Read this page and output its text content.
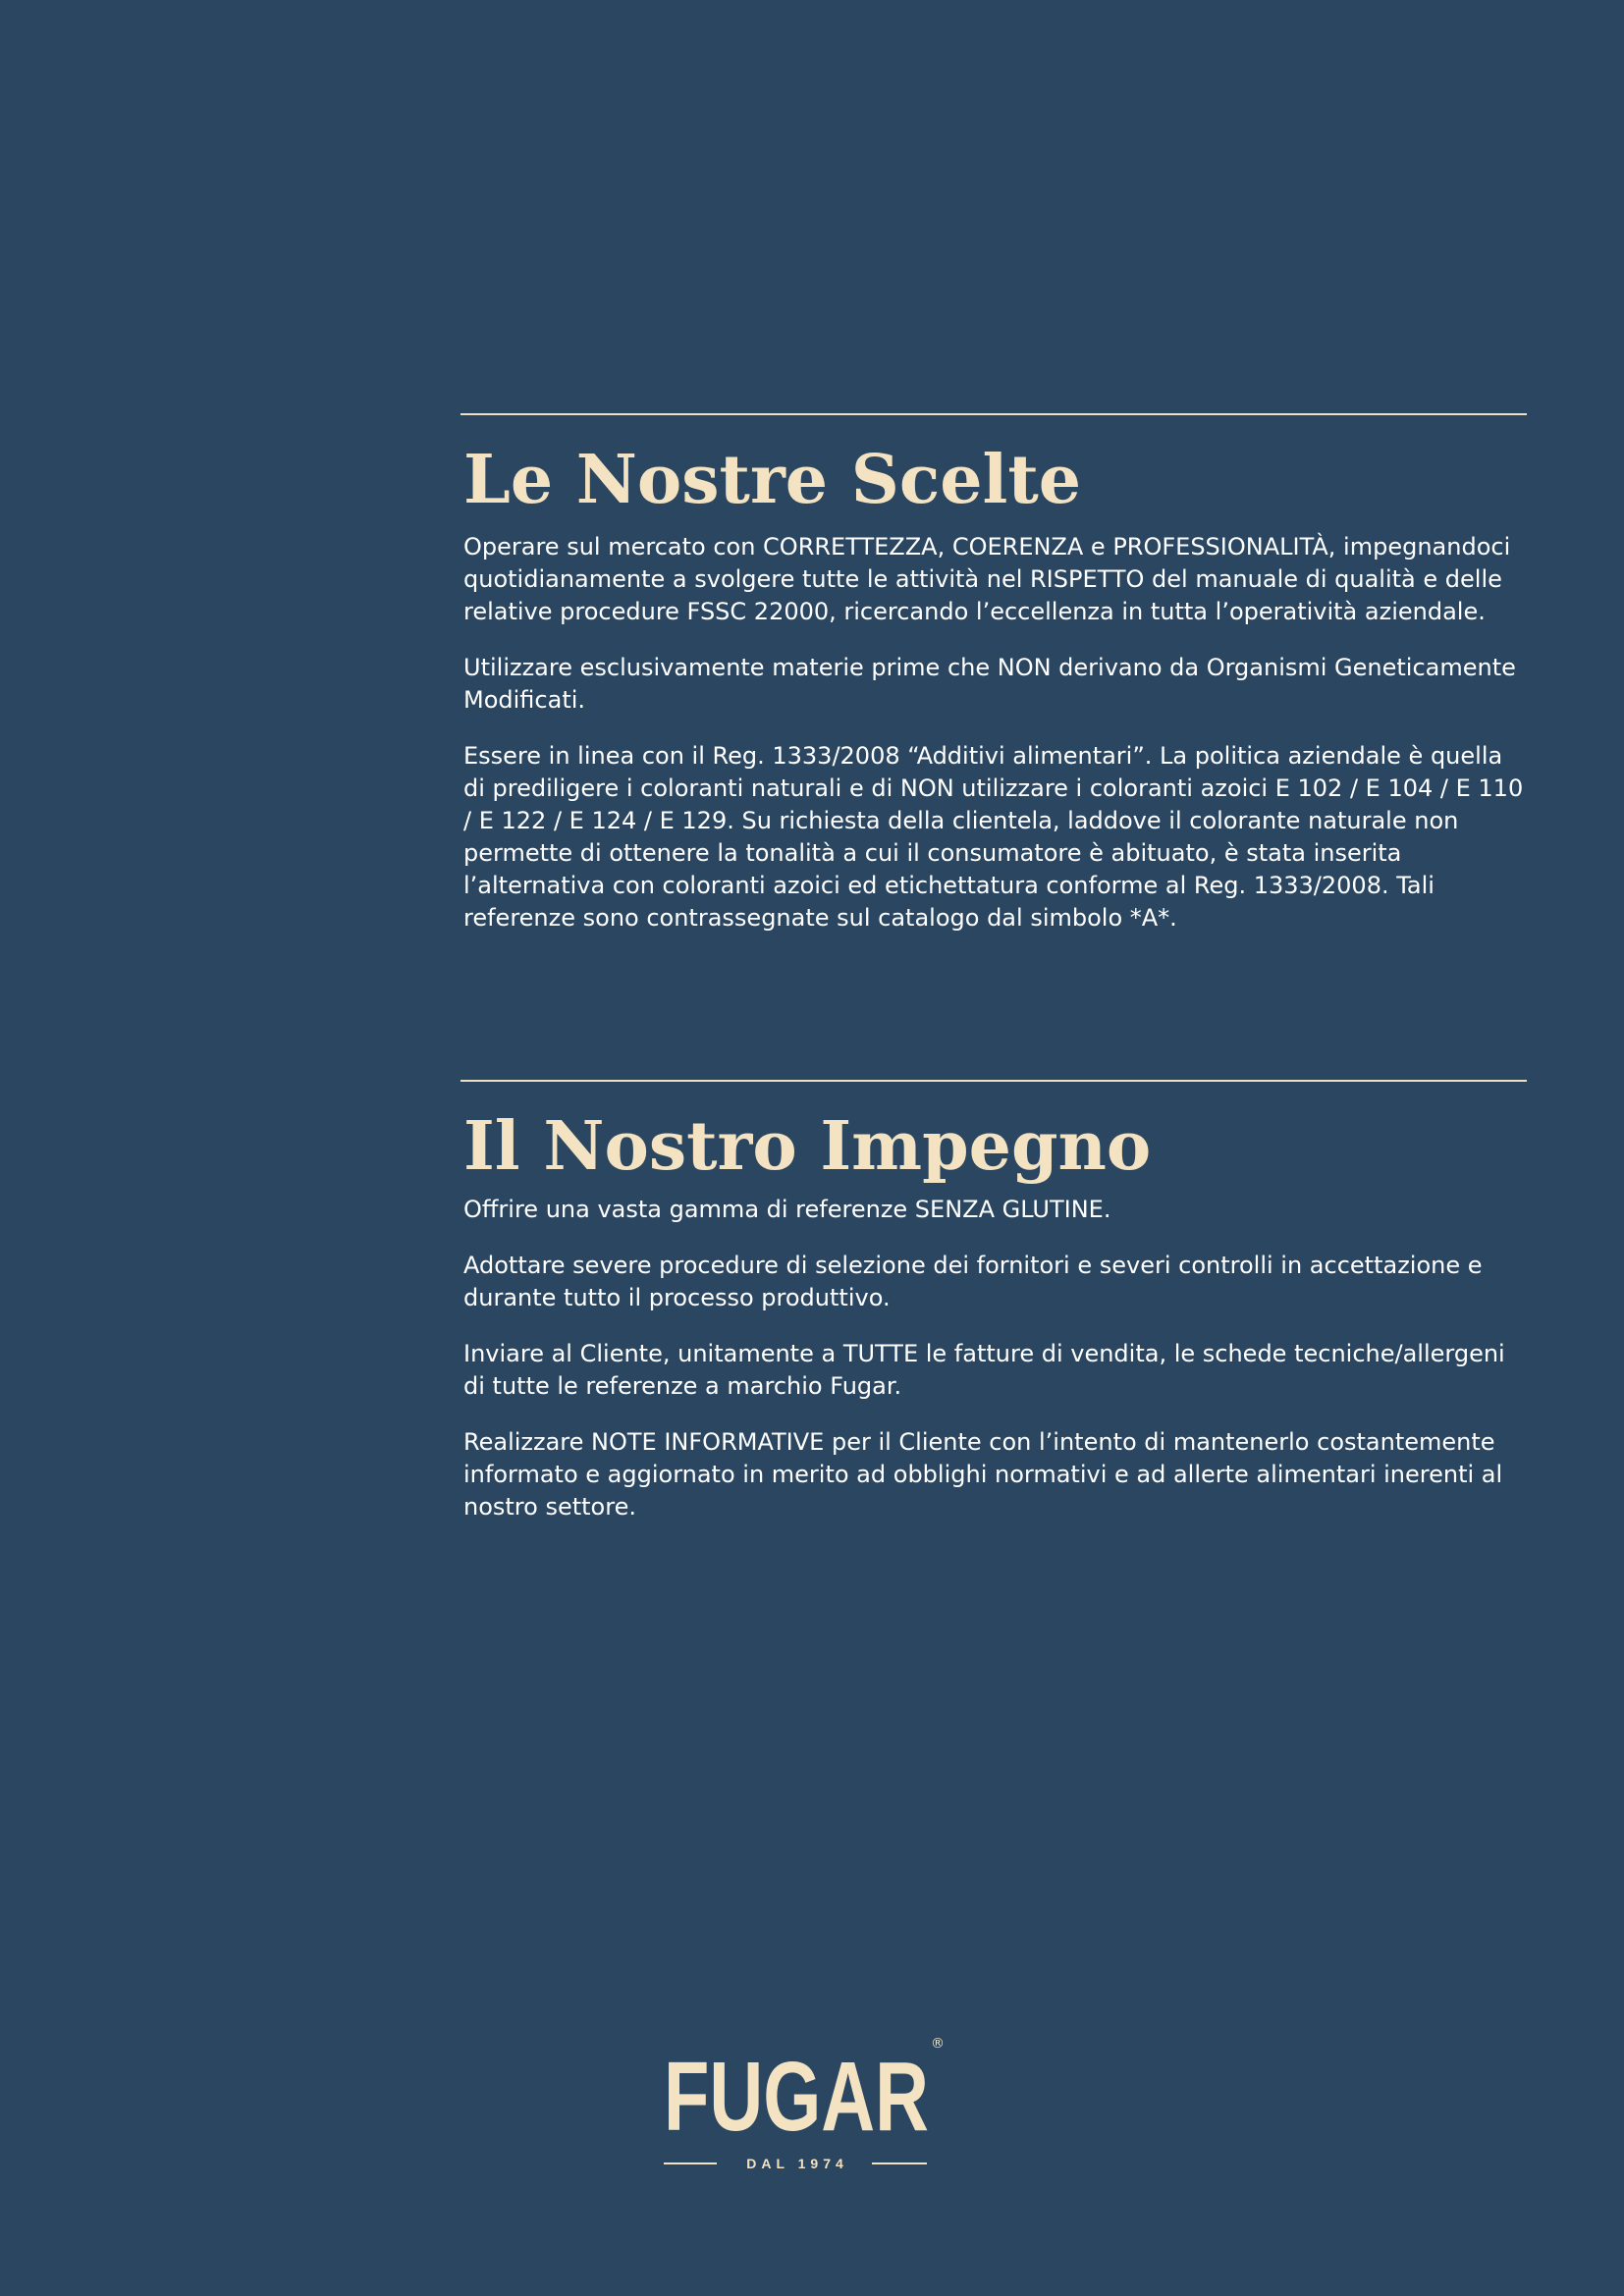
Le Nostre Scelte

Operare sul mercato con CORRETTEZZA, COERENZA e PROFESSIONALITÀ, impegnandoci quotidianamente a svolgere tutte le attività nel RISPETTO del manuale di qualità e delle relative procedure FSSC 22000, ricercando l’eccellenza in tutta l’operatività aziendale.

Utilizzare esclusivamente materie prime che NON derivano da Organismi Geneticamente Modificati.

Essere in linea con il Reg. 1333/2008 “Additivi alimentari”. La politica aziendale è quella di prediligere i coloranti naturali e di NON utilizzare i coloranti azoici E 102 / E 104 / E 110 / E 122 / E 124 / E 129. Su richiesta della clientela, laddove il colorante naturale non permette di ottenere la tonalità a cui il consumatore è abituato, è stata inserita l’alternativa con coloranti azoici ed etichettatura conforme al Reg. 1333/2008. Tali referenze sono contrassegnate sul catalogo dal simbolo *A*.

Il Nostro Impegno

Offrire una vasta gamma di referenze SENZA GLUTINE.

Adottare severe procedure di selezione dei fornitori e severi controlli in accettazione e durante tutto il processo produttivo.

Inviare al Cliente, unitamente a TUTTE le fatture di vendita, le schede tecniche/allergeni di tutte le referenze a marchio Fugar.

Realizzare NOTE INFORMATIVE per il Cliente con l’intento di mantenerlo costantemente informato e aggiornato in merito ad obblighi normativi e ad allerte alimentari inerenti al nostro settore.

FUGAR ®
DAL 1974
